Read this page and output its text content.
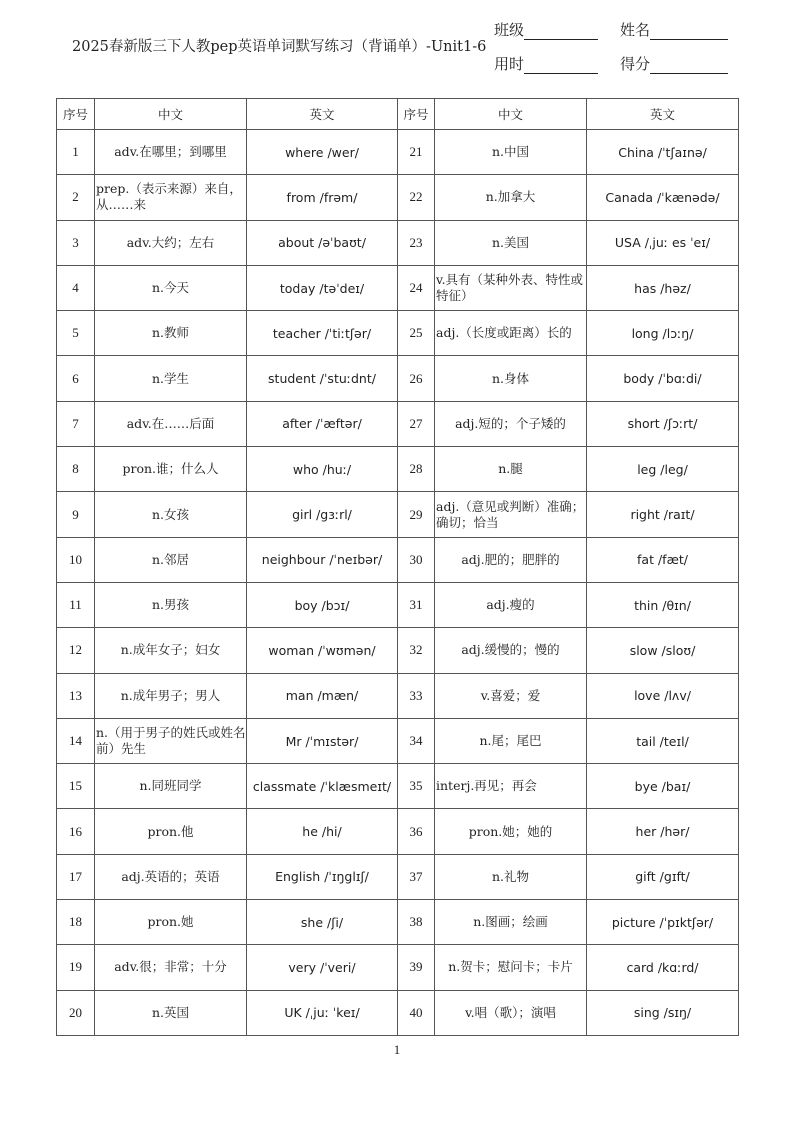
2025春新版三下人教pep英语单词默写练习（背诵单）-Unit1-6
班级	姓名
用时	得分
序号	中文	英文	序号	中文	英文
1	adv.在哪里；到哪里	where /wer/	21	n.中国	China /ˈtʃaɪnə/
2	prep.（表示来源）来自，从……来	from /frəm/	22	n.加拿大	Canada /ˈkænədə/
3	adv.大约；左右	about /əˈbaʊt/	23	n.美国	USA /ˌjuː es ˈeɪ/
4	n.今天	today /təˈdeɪ/	24	v.具有（某种外表、特性或特征）	has /həz/
5	n.教师	teacher /ˈtiːtʃər/	25	adj.（长度或距离）长的	long /lɔːŋ/
6	n.学生	student /ˈstuːdnt/	26	n.身体	body /ˈbɑːdi/
7	adv.在……后面	after /ˈæftər/	27	adj.短的；个子矮的	short /ʃɔːrt/
8	pron.谁；什么人	who /huː/	28	n.腿	leg /leg/
9	n.女孩	girl /gɜːrl/	29	adj.（意见或判断）准确；确切；恰当	right /raɪt/
10	n.邻居	neighbour /ˈneɪbər/	30	adj.肥的；肥胖的	fat /fæt/
11	n.男孩	boy /bɔɪ/	31	adj.瘦的	thin /θɪn/
12	n.成年女子；妇女	woman /ˈwʊmən/	32	adj.缓慢的；慢的	slow /sloʊ/
13	n.成年男子；男人	man /mæn/	33	v.喜爱；爱	love /lʌv/
14	n.（用于男子的姓氏或姓名前）先生	Mr /ˈmɪstər/	34	n.尾；尾巴	tail /teɪl/
15	n.同班同学	classmate /ˈklæsmeɪt/	35	interj.再见；再会	bye /baɪ/
16	pron.他	he /hi/	36	pron.她；她的	her /hər/
17	adj.英语的；英语	English /ˈɪŋglɪʃ/	37	n.礼物	gift /gɪft/
18	pron.她	she /ʃi/	38	n.图画；绘画	picture /ˈpɪktʃər/
19	adv.很；非常；十分	very /ˈveri/	39	n.贺卡；慰问卡；卡片	card /kɑːrd/
20	n.英国	UK /ˌjuː ˈkeɪ/	40	v.唱（歌）；演唱	sing /sɪŋ/
1
